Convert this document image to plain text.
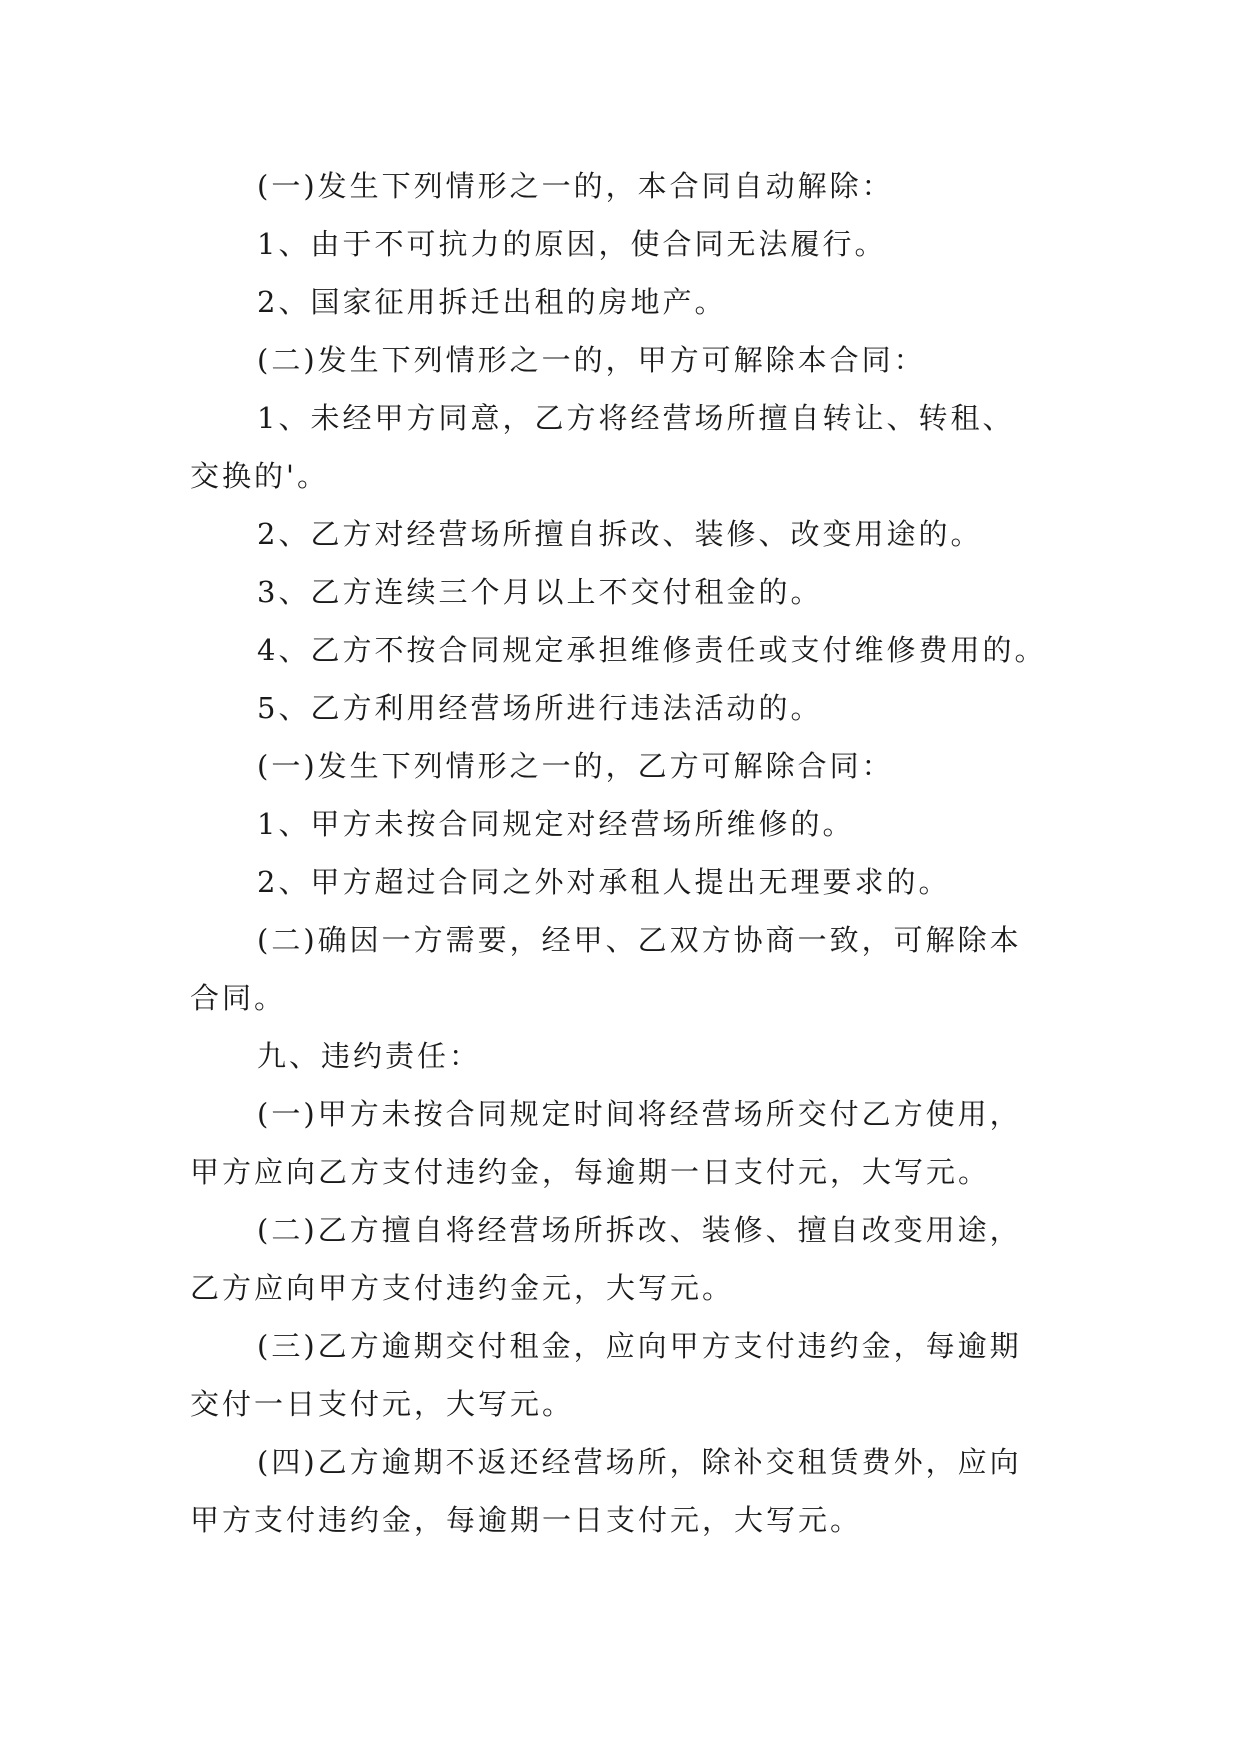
(一)发生下列情形之一的，本合同自动解除：
1、由于不可抗力的原因，使合同无法履行。
2、国家征用拆迁出租的房地产。
(二)发生下列情形之一的，甲方可解除本合同：
1、未经甲方同意，乙方将经营场所擅自转让、转租、
交换的'。
2、乙方对经营场所擅自拆改、装修、改变用途的。
3、乙方连续三个月以上不交付租金的。
4、乙方不按合同规定承担维修责任或支付维修费用的。
5、乙方利用经营场所进行违法活动的。
(一)发生下列情形之一的，乙方可解除合同：
1、甲方未按合同规定对经营场所维修的。
2、甲方超过合同之外对承租人提出无理要求的。
(二)确因一方需要，经甲、乙双方协商一致，可解除本
合同。
九、违约责任：
(一)甲方未按合同规定时间将经营场所交付乙方使用，
甲方应向乙方支付违约金，每逾期一日支付元，大写元。
(二)乙方擅自将经营场所拆改、装修、擅自改变用途，
乙方应向甲方支付违约金元，大写元。
(三)乙方逾期交付租金，应向甲方支付违约金，每逾期
交付一日支付元，大写元。
(四)乙方逾期不返还经营场所，除补交租赁费外，应向
甲方支付违约金，每逾期一日支付元，大写元。
